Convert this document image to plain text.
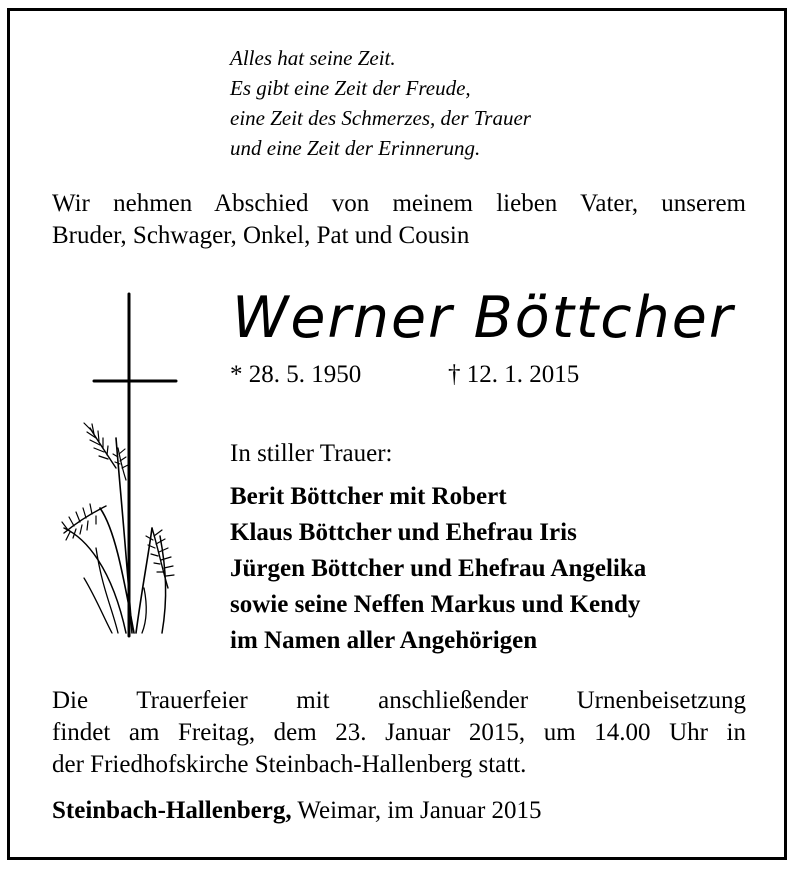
Alles hat seine Zeit.
Es gibt eine Zeit der Freude,
eine Zeit des Schmerzes, der Trauer
und eine Zeit der Erinnerung.
Wir nehmen Abschied von meinem lieben Vater, unserem
Bruder, Schwager, Onkel, Pat und Cousin
Werner Böttcher
* 28. 5. 1950	† 12. 1. 2015
In stiller Trauer:
Berit Böttcher mit Robert
Klaus Böttcher und Ehefrau Iris
Jürgen Böttcher und Ehefrau Angelika
sowie seine Neffen Markus und Kendy
im Namen aller Angehörigen
Die Trauerfeier mit anschließender Urnenbeisetzung
findet am Freitag, dem 23. Januar 2015, um 14.00 Uhr in
der Friedhofskirche Steinbach-Hallenberg statt.
Steinbach-Hallenberg, Weimar, im Januar 2015
